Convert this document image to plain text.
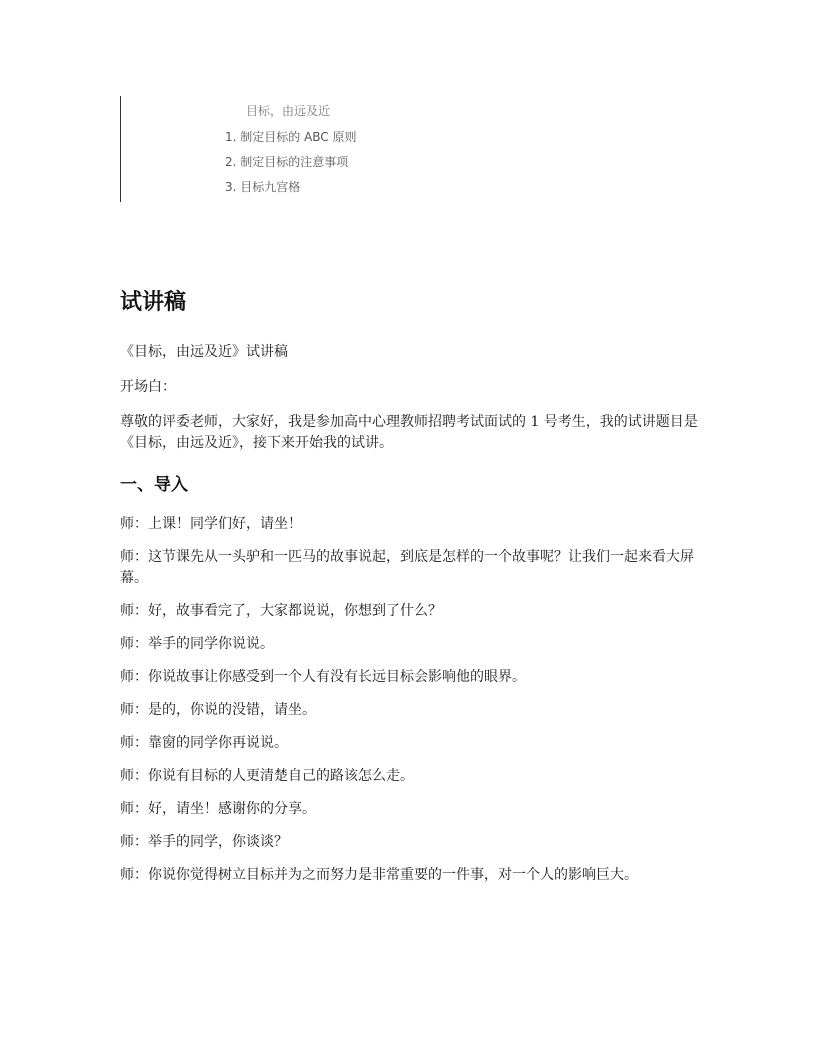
目标，由远及近
1. 制定目标的 ABC 原则
2. 制定目标的注意事项
3. 目标九宫格
试讲稿

《目标，由远及近》试讲稿

开场白：

尊敬的评委老师，大家好，我是参加高中心理教师招聘考试面试的 1 号考生，我的试讲题目是《目标，由远及近》，接下来开始我的试讲。

一、导入

师：上课！同学们好，请坐！

师：这节课先从一头驴和一匹马的故事说起，到底是怎样的一个故事呢？让我们一起来看大屏幕。

师：好，故事看完了，大家都说说，你想到了什么？

师：举手的同学你说说。

师：你说故事让你感受到一个人有没有长远目标会影响他的眼界。

师：是的，你说的没错，请坐。

师：靠窗的同学你再说说。

师：你说有目标的人更清楚自己的路该怎么走。

师：好，请坐！感谢你的分享。

师：举手的同学，你谈谈？

师：你说你觉得树立目标并为之而努力是非常重要的一件事，对一个人的影响巨大。
